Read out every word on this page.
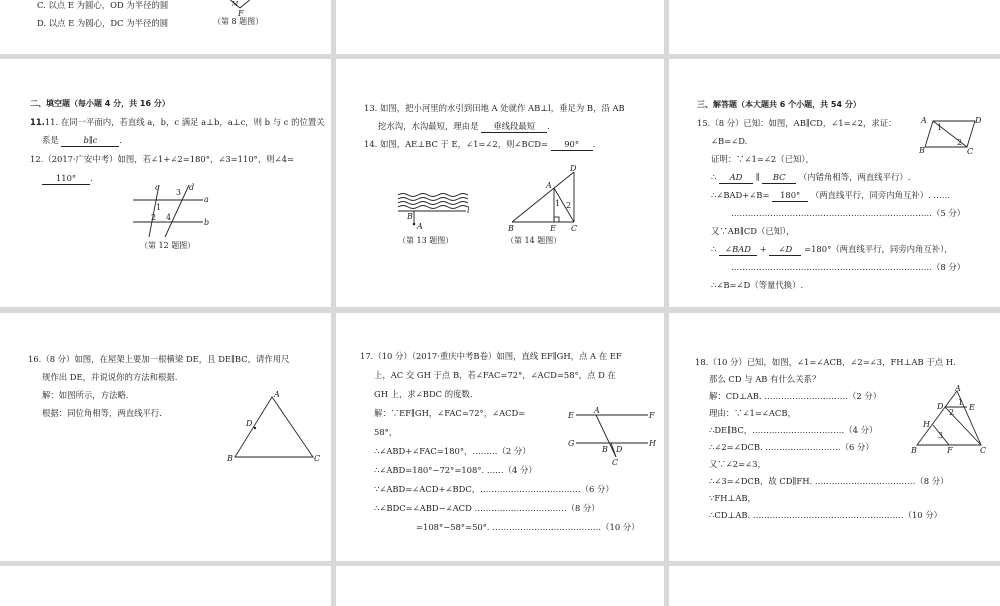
C. 以点 E 为圆心，OD 为半径的圆
D. 以点 E 为圆心，DC 为半径的圆
M
F
（第 8 题图）
二、填空题（每小题 4 分，共 16 分）
11.11. 在同一平面内，若直线 a，b，c 满足 a⊥b，a⊥c，则 b 与 c 的位置关
系是	b∥c	.
12.（2017·广安中考）如图，若∠1+∠2=180°，∠3=110°，则∠4=
110° .
c	d
a
b
3
1
2 4
（第 12 题图）
13. 如图，把小河里的水引到田地 A 处就作 AB⊥l，垂足为 B，沿 AB
挖水沟，水沟最短，理由是 垂线段最短 .
14. 如图，AE⊥BC 于 E，∠1=∠2，则∠BCD= 90° .
B
A
l
（第 13 题图）
D
A
B	E C
1 2
（第 14 题图）
三、解答题（本大题共 6 个小题，共 54 分）
15.（8 分）已知：如图，AB∥CD，∠1=∠2，求证：
∠B=∠D.
证明：∵∠1=∠2（已知），
∴ AD ∥ BC （内错角相等，两直线平行）.
∴∠BAD+∠B= 180° （两直线平行，同旁内角互补）. ……
………………………………………………………………（5 分）
又∵AB∥CD（已知），
∴ ∠BAD + ∠D =180°（两直线平行，同旁内角互补），
………………………………………………………………（8 分）
∴∠B=∠D（等量代换）.
A	D
B	C
1
2
16.（8 分）如图，在屋架上要加一根横梁 DE，且 DE∥BC，请作用尺
规作出 DE，并说说你的方法和根据.
解：如图所示，方法略.
根据：同位角相等，两直线平行.
A
D
B	C
17.（10 分）（2017·重庆中考B卷）如图，直线 EF∥GH，点 A 在 EF
上，AC 交 GH 于点 B，若∠FAC=72°，∠ACD=58°，点 D 在
GH 上，求∠BDC 的度数.
解：∵EF∥GH，∠FAC=72°，∠ACD=
58°，
∴∠ABD+∠FAC=180°，………（2 分）
∴∠ABD=180°−72°=108°. ……（4 分）
∵∠ABD=∠ACD+∠BDC，………………………………（6 分）
∴∠BDC=∠ABD−∠ACD ……………………………（8 分）
=108°−58°=50°. …………………………………（10 分）
E
A
F
G
B D
H
C
18.（10 分）已知，如图，∠1=∠ACB，∠2=∠3，FH⊥AB 于点 H.
那么 CD 与 AB 有什么关系？
解：CD⊥AB. …………………………（2 分）
理由：∵∠1=∠ACB，
∴DE∥BC，……………………………（4 分）
∴∠2=∠DCB. ………………………（6 分）
又∵∠2=∠3，
∴∠3=∠DCB，故 CD∥FH. ………………………………（8 分）
∵FH⊥AB，
∴CD⊥AB. ………………………………………………（10 分）
A
D	E
H
B	F	C
1
2
3
